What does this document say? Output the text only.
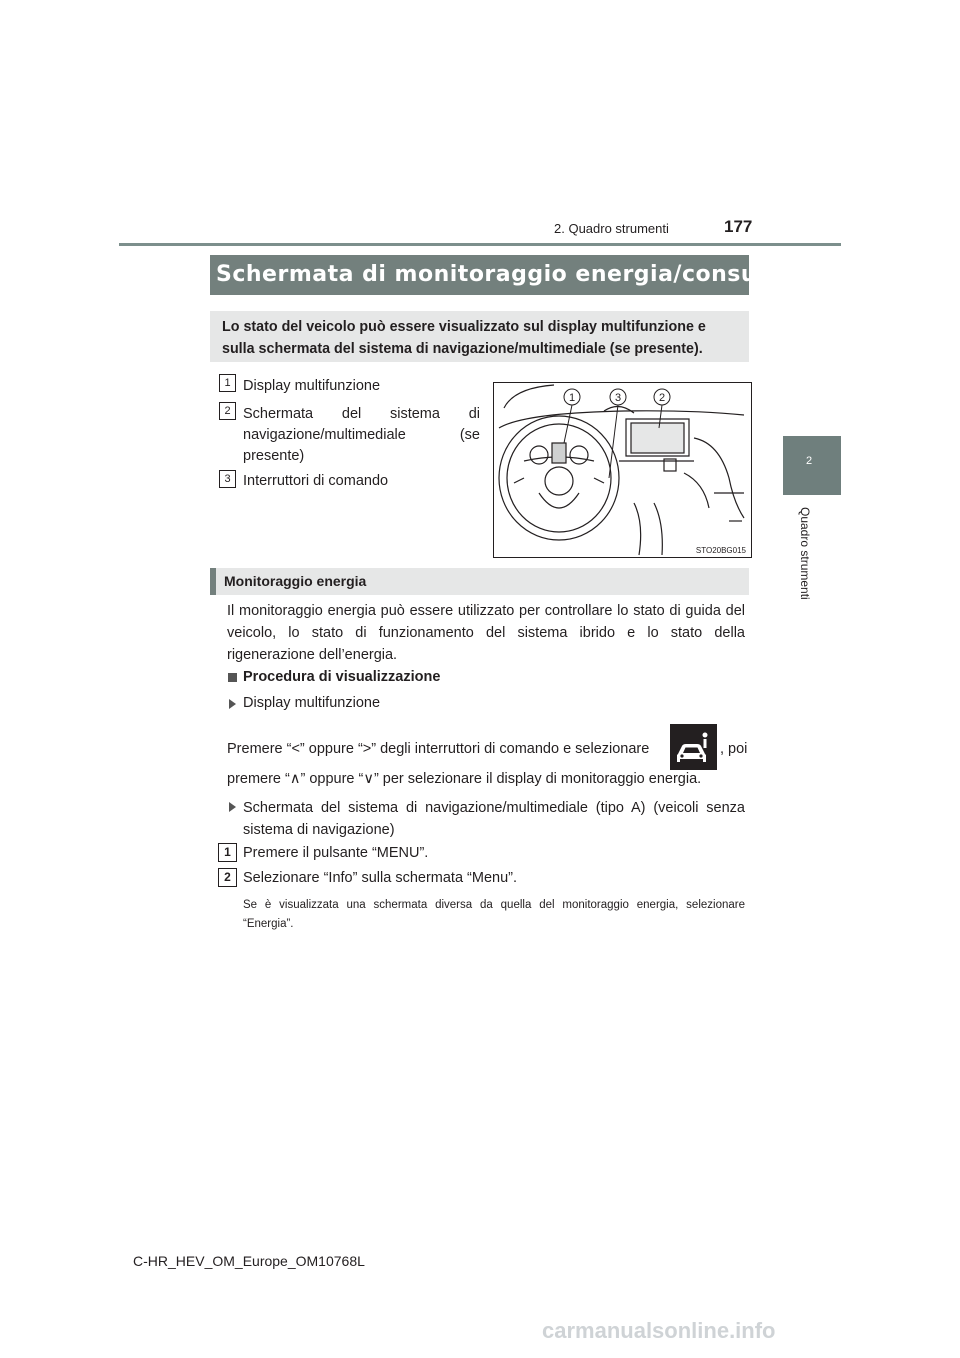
2. Quadro strumenti	177
2
Quadro strumenti
Schermata di monitoraggio energia/consumi
Lo stato del veicolo può essere visualizzato sul display multifunzione e sulla schermata del sistema di navigazione/multimediale (se presente).
1 Display multifunzione
2 Schermata del sistema di navigazione/multimediale (se presente)
3 Interruttori di comando
1	3	2
STO20BG015
Monitoraggio energia
Il monitoraggio energia può essere utilizzato per controllare lo stato di guida del veicolo, lo stato di funzionamento del sistema ibrido e lo stato della rigenerazione dell’energia.
Procedura di visualizzazione
Display multifunzione
Premere “<” oppure “>” degli interruttori di comando e selezionare	, poi
premere “∧” oppure “∨” per selezionare il display di monitoraggio energia.
Schermata del sistema di navigazione/multimediale (tipo A) (veicoli senza sistema di navigazione)
1 Premere il pulsante “MENU”.
2 Selezionare “Info” sulla schermata “Menu”.
Se è visualizzata una schermata diversa da quella del monitoraggio energia, selezionare “Energia”.
C-HR_HEV_OM_Europe_OM10768L
carmanualsonline.info
